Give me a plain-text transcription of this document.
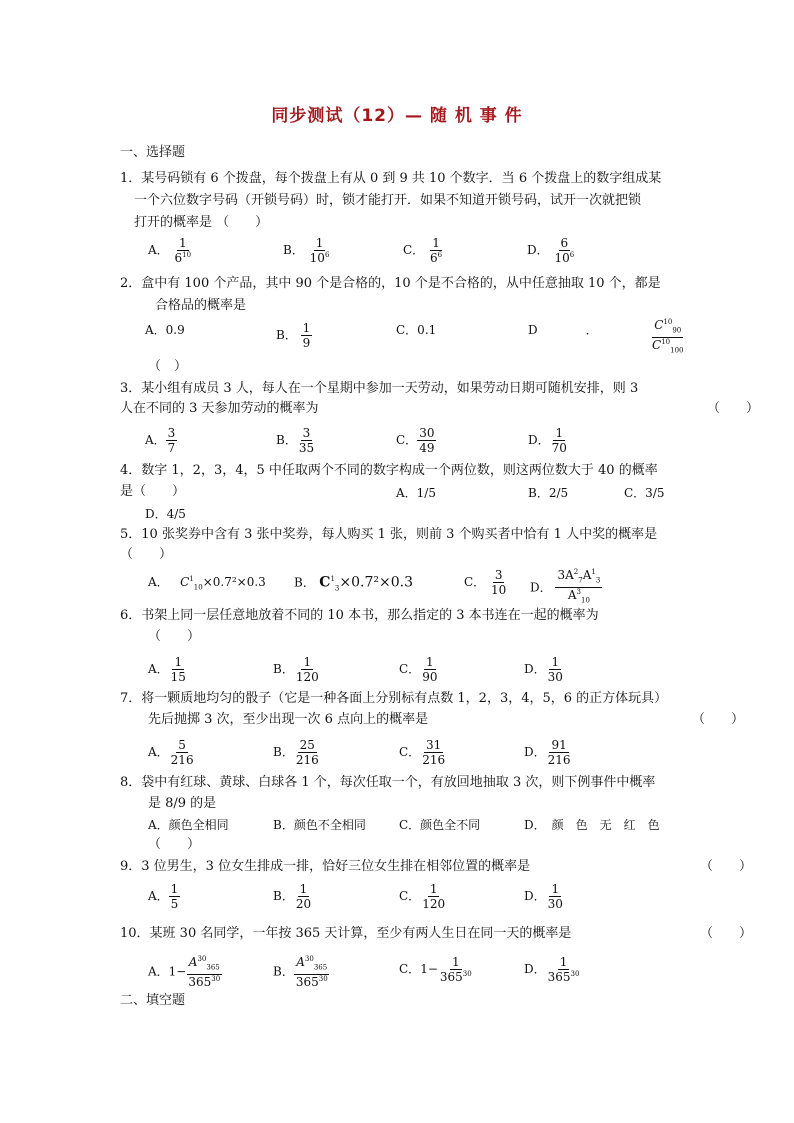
同步测试（12）— 随 机 事 件
一、选择题
1．某号码锁有 6 个拨盘，每个拨盘上有从 0 到 9 共 10 个数字．当 6 个拨盘上的数字组成某
一个六位数字号码（开锁号码）时，锁才能打开．如果不知道开锁号码，试开一次就把锁
打开的概率是 （　　）
A． $\frac{1}{6^{10}}$	B． $\frac{1}{10^6}$	C． $\frac{1}{6^6}$	D． $\frac{6}{10^6}$
2．盒中有 100 个产品，其中 90 个是合格的，10 个是不合格的，从中任意抽取 10 个，都是
合格品的概率是
A．0.9	B． $\frac{1}{9}$	C．0.1	D　　　　．	$\frac{C^{10}_{90}}{C^{10}_{100}}$
（　）
3．某小组有成员 3 人，每人在一个星期中参加一天劳动，如果劳动日期可随机安排，则 3
人在不同的 3 天参加劳动的概率为	（　　）
A． $\frac{3}{7}$	B． $\frac{3}{35}$	C． $\frac{30}{49}$	D． $\frac{1}{70}$
4．数字 1，2，3，4，5 中任取两个不同的数字构成一个两位数，则这两位数大于 40 的概率
是（　　）	A．1/5	B．2/5	C．3/5
D．4/5
5．10 张奖券中含有 3 张中奖券，每人购买 1 张，则前 3 个购买者中恰有 1 人中奖的概率是
（　　）
A． $C^1_{10}\times 0.7^2\times 0.3$ B． $C^1_3\times 0.7^2\times 0.3$	C． $\frac{3}{10}$ D． $\frac{3A^2_7A^1_3}{A^3_{10}}$
6．书架上同一层任意地放着不同的 10 本书，那么指定的 3 本书连在一起的概率为
（　　）
A． $\frac{1}{15}$	B． $\frac{1}{120}$	C． $\frac{1}{90}$	D． $\frac{1}{30}$
7．将一颗质地均匀的骰子（它是一种各面上分别标有点数 1，2，3，4，5，6 的正方体玩具）
先后抛掷 3 次，至少出现一次 6 点向上的概率是	（　　）
A． $\frac{5}{216}$	B． $\frac{25}{216}$	C． $\frac{31}{216}$	D． $\frac{91}{216}$
8．袋中有红球、黄球、白球各 1 个，每次任取一个，有放回地抽取 3 次，则下例事件中概率
是 8/9 的是
A．颜色全相同	B．颜色不全相同	C．颜色全不同	D．　颜　色　无　红　色
（　　）
9．3 位男生，3 位女生排成一排，恰好三位女生排在相邻位置的概率是	（　　）
A． $\frac{1}{5}$	B． $\frac{1}{20}$	C． $\frac{1}{120}$	D． $\frac{1}{30}$
10．某班 30 名同学，一年按 365 天计算，至少有两人生日在同一天的概率是	（　　）
A．$1- \frac{A^{30}_{365}}{365^{30}}$	B． $\frac{A^{30}_{365}}{365^{30}}$	C．$1- \frac{1}{365^{30}}$	D． $\frac{1}{365^{30}}$
二、填空题
